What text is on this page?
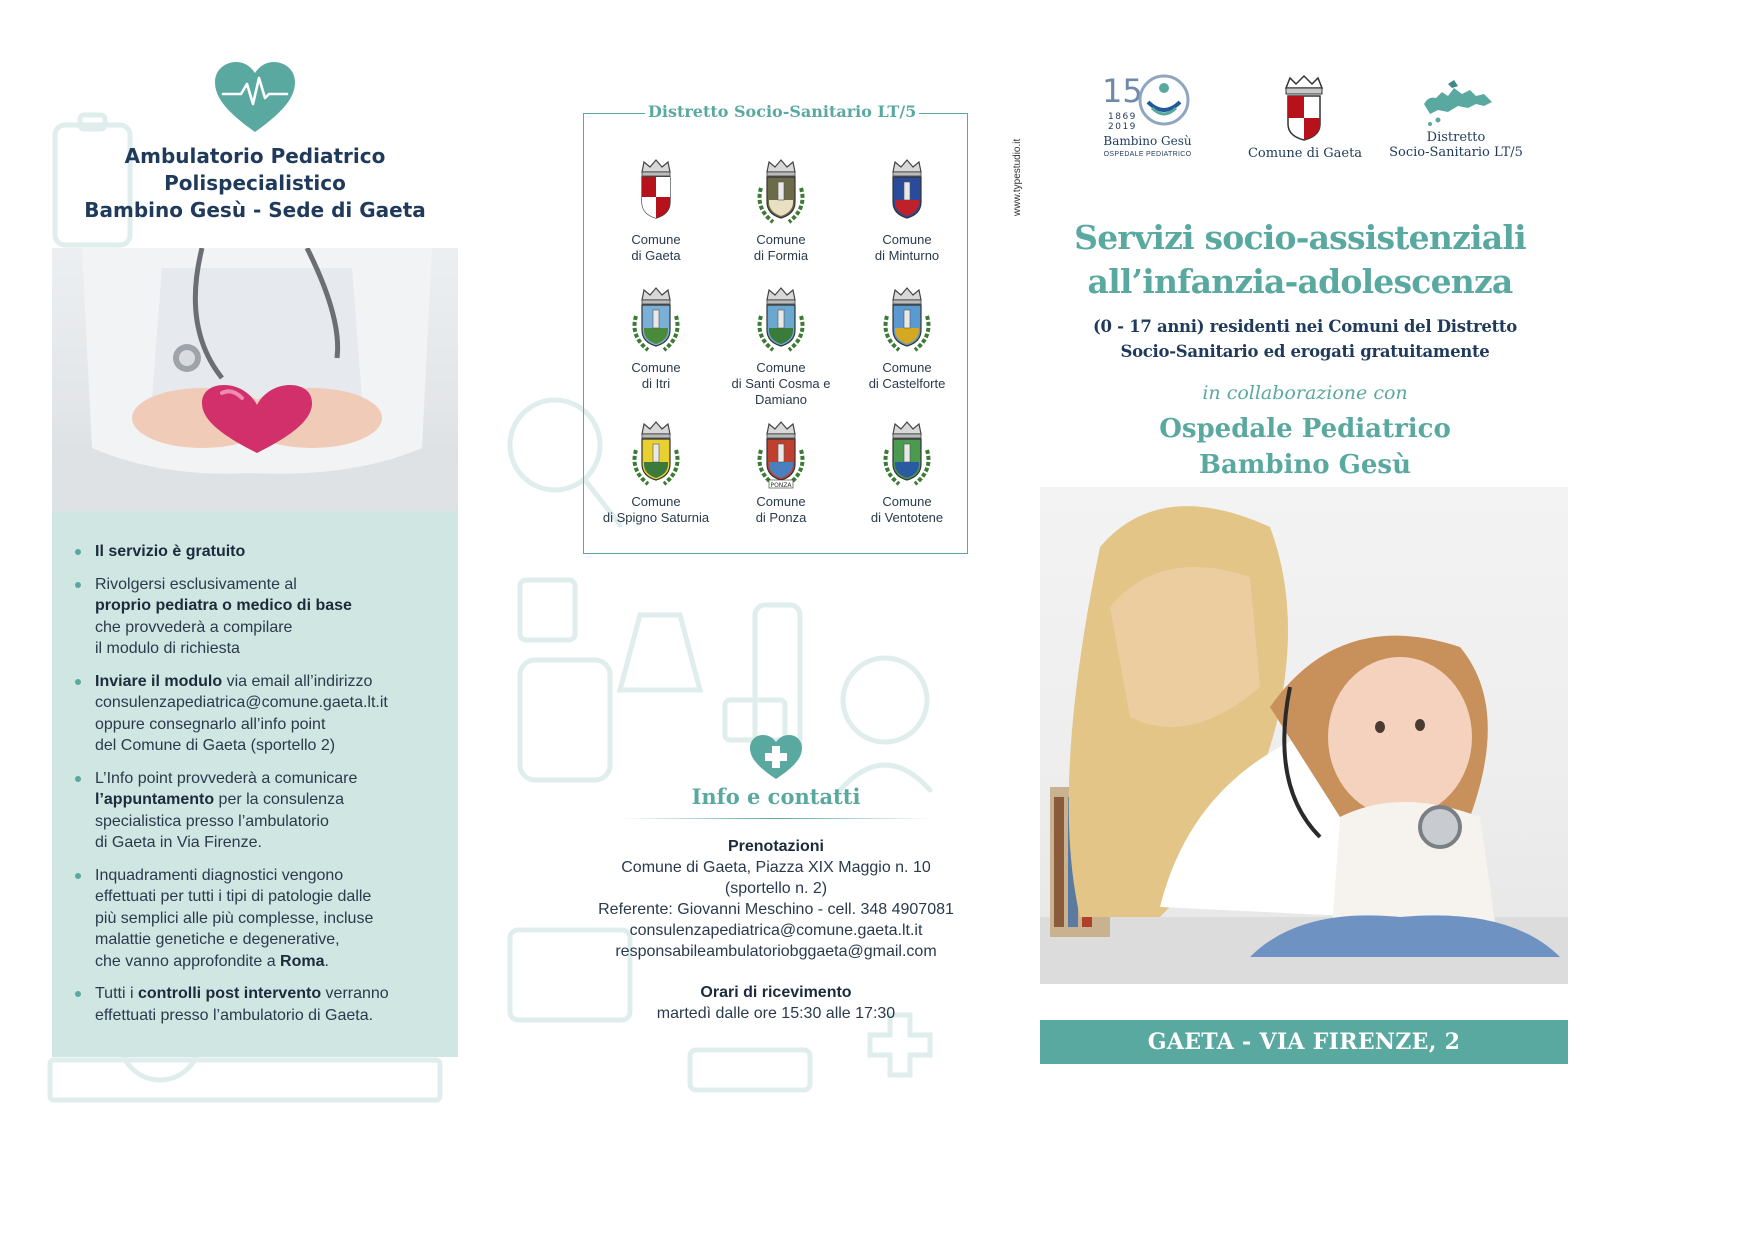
Ambulatorio Pediatrico
Polispecialistico
Bambino Gesù - Sede di Gaeta
Il servizio è gratuito
Rivolgersi esclusivamente al
proprio pediatra o medico di base
che provvederà a compilare
il modulo di richiesta
Inviare il modulo via email all’indirizzo
consulenzapediatrica@comune.gaeta.lt.it
oppure consegnarlo all’info point
del Comune di Gaeta (sportello 2)
L’Info point provvederà a comunicare
l’appuntamento per la consulenza
specialistica presso l’ambulatorio
di Gaeta in Via Firenze.
Inquadramenti diagnostici vengono
effettuati per tutti i tipi di patologie dalle
più semplici alle più complesse, incluse
malattie genetiche e degenerative,
che vanno approfondite a Roma.
Tutti i controlli post intervento verranno
effettuati presso l’ambulatorio di Gaeta.
Distretto Socio-Sanitario LT/5
Comune
di Gaeta
Comune
di Formia
Comune
di Minturno
Comune
di Itri
Comune
di Santi Cosma e Damiano
Comune
di Castelforte
Comune
di Spigno Saturnia
PONZA
Comune
di Ponza
Comune
di Ventotene
www.typestudio.it
Info e contatti
Prenotazioni
Comune di Gaeta, Piazza XIX Maggio n. 10
(sportello n. 2)
Referente: Giovanni Meschino - cell. 348 4907081
consulenzapediatrica@comune.gaeta.lt.it
responsabileambulatoriobggaeta@gmail.com
Orari di ricevimento
martedì dalle ore 15:30 alle 17:30
15
1869
2019
Bambino Gesù
OSPEDALE PEDIATRICO	Comune di Gaeta
Distretto
Socio-Sanitario LT/5
Servizi socio-assistenziali
all’infanzia-adolescenza
(0 - 17 anni) residenti nei Comuni del Distretto
Socio-Sanitario ed erogati gratuitamente
in collaborazione con
Ospedale Pediatrico
Bambino Gesù
GAETA - VIA FIRENZE, 2
